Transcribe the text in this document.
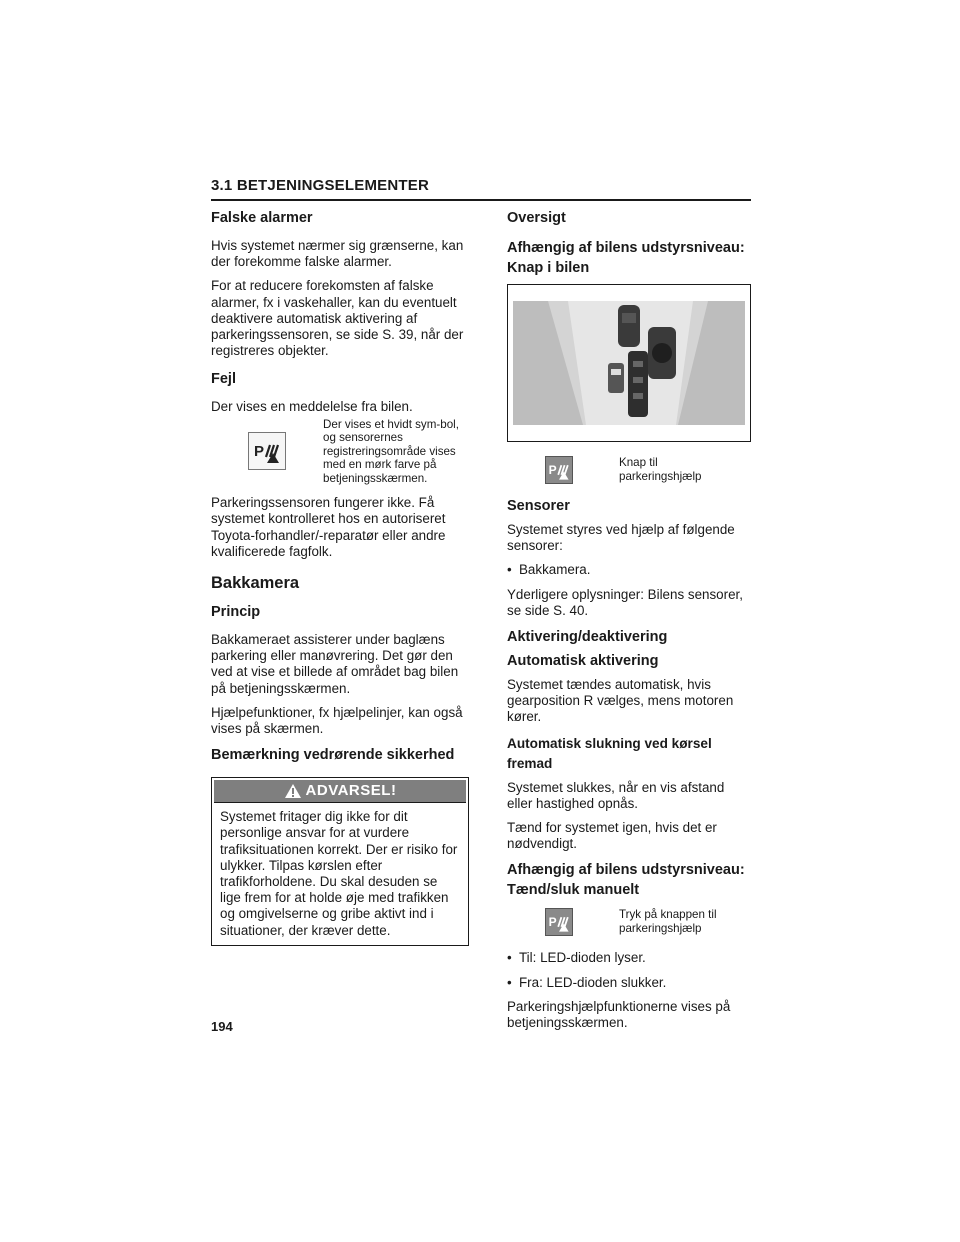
3.1 BETJENINGSELEMENTER
Falske alarmer

Hvis systemet nærmer sig grænserne, kan der forekomme falske alarmer.

For at reducere forekomsten af falske alarmer, fx i vaskehaller, kan du eventuelt deaktivere automatisk aktivering af parkeringssensoren, se side S. 39, når der registreres objekter.

Fejl

Der vises en meddelelse fra bilen.

P
Der vises et hvidt sym-bol, og sensorernes registreringsområde vises med en mørk farve på betjeningsskærmen.

Parkeringssensoren fungerer ikke. Få systemet kontrolleret hos en autoriseret Toyota-forhandler/-reparatør eller andre kvalificerede fagfolk.

Bakkamera
Princip

Bakkameraet assisterer under baglæns parkering eller manøvrering. Det gør den ved at vise et billede af området bag bilen på betjeningsskærmen.

Hjælpefunktioner, fx hjælpelinjer, kan også vises på skærmen.

Bemærkning vedrørende sikkerhed
ADVARSEL!
Systemet fritager dig ikke for dit personlige ansvar for at vurdere trafiksituationen korrekt. Der er risiko for ulykker. Tilpas kørslen efter trafikforholdene. Du skal desuden se lige frem for at holde øje med trafikken og omgivelserne og gribe aktivt ind i situationer, der kræver dette.
Oversigt
Afhængig af bilens udstyrsniveau: Knap i bilen
P
Knap til parkeringshjælp
Sensorer

Systemet styres ved hjælp af følgende sensorer:

• Bakkamera.

Yderligere oplysninger: Bilens sensorer, se side S. 40.

Aktivering/deaktivering
Automatisk aktivering

Systemet tændes automatisk, hvis gearposition R vælges, mens motoren kører.

Automatisk slukning ved kørsel fremad

Systemet slukkes, når en vis afstand eller hastighed opnås.

Tænd for systemet igen, hvis det er nødvendigt.

Afhængig af bilens udstyrsniveau: Tænd/sluk manuelt
P
Tryk på knappen til parkeringshjælp
• Til: LED-dioden lyser.
• Fra: LED-dioden slukker.

Parkeringshjælpfunktionerne vises på betjeningsskærmen.

194
